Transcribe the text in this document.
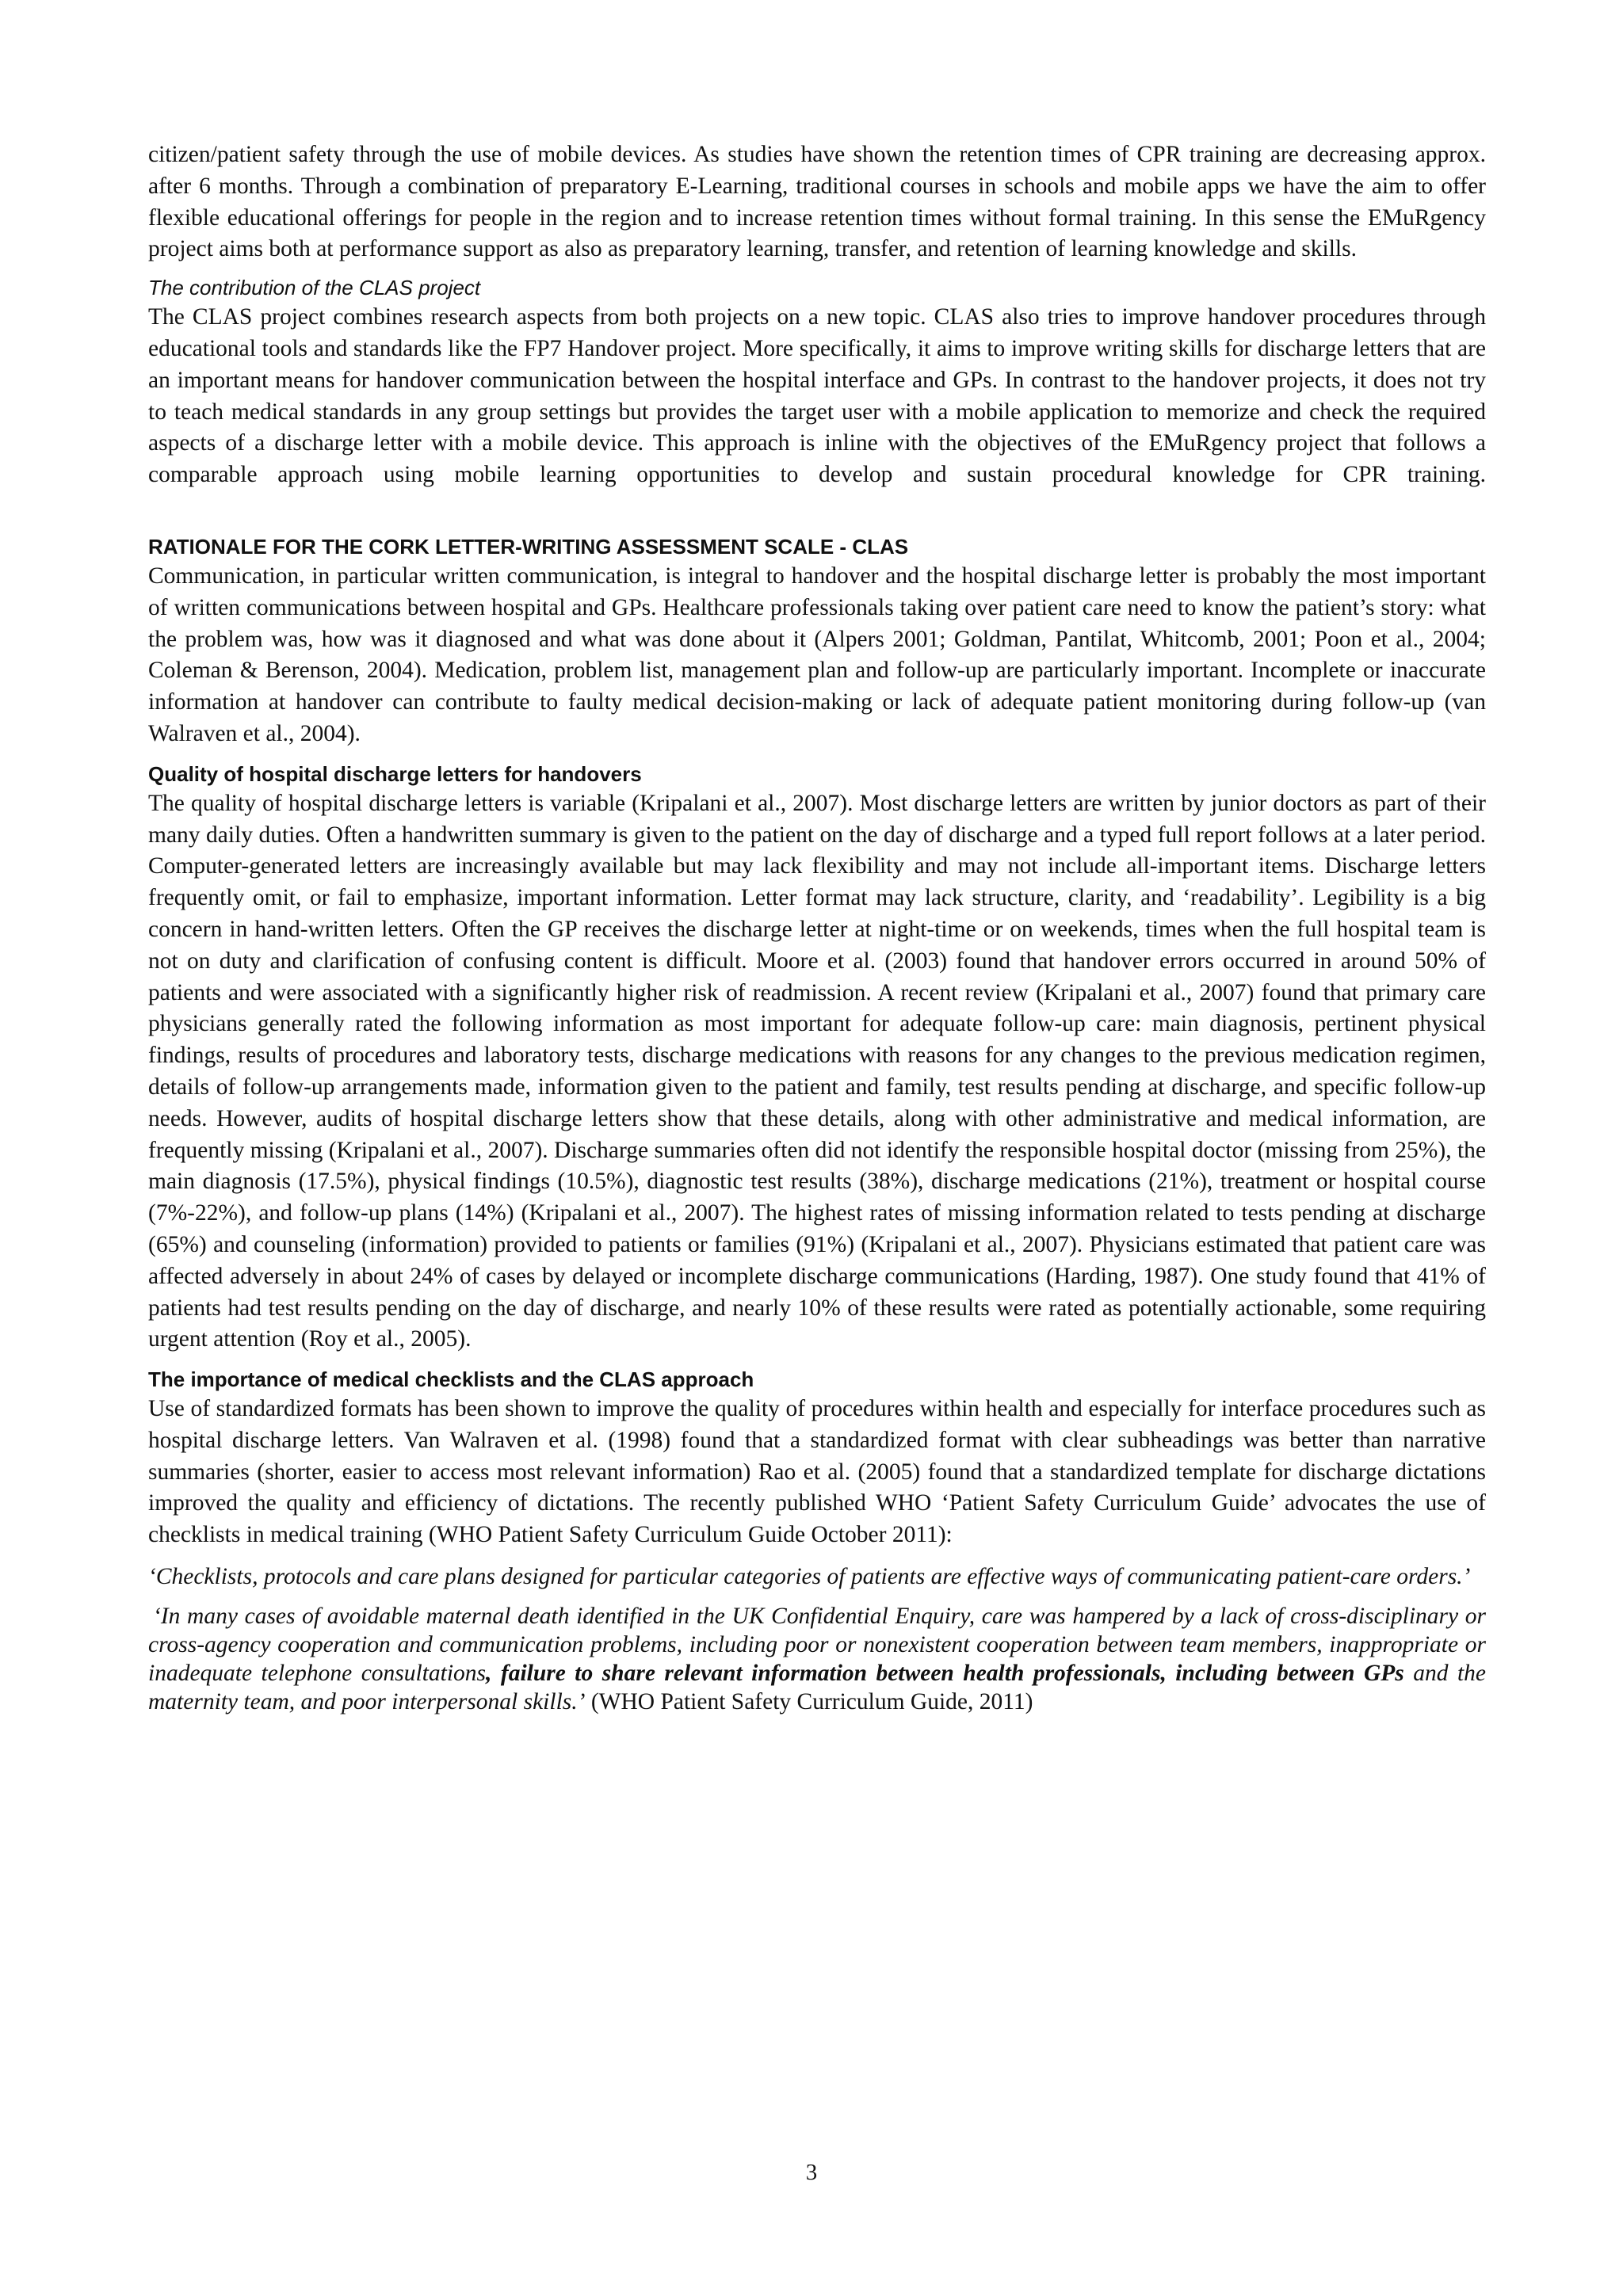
citizen/patient safety through the use of mobile devices. As studies have shown the retention times of CPR training are decreasing approx. after 6 months. Through a combination of preparatory E-Learning, traditional courses in schools and mobile apps we have the aim to offer flexible educational offerings for people in the region and to increase retention times without formal training. In this sense the EMuRgency project aims both at performance support as also as preparatory learning, transfer, and retention of learning knowledge and skills.

The contribution of the CLAS project

The CLAS project combines research aspects from both projects on a new topic. CLAS also tries to improve handover procedures through educational tools and standards like the FP7 Handover project. More specifically, it aims to improve writing skills for discharge letters that are an important means for handover communication between the hospital interface and GPs. In contrast to the handover projects, it does not try to teach medical standards in any group settings but provides the target user with a mobile application to memorize and check the required aspects of a discharge letter with a mobile device. This approach is inline with the objectives of the EMuRgency project that follows a comparable approach using mobile learning opportunities to develop and sustain procedural knowledge for CPR training.

RATIONALE FOR THE CORK LETTER-WRITING ASSESSMENT SCALE - CLAS

Communication, in particular written communication, is integral to handover and the hospital discharge letter is probably the most important of written communications between hospital and GPs. Healthcare professionals taking over patient care need to know the patient’s story: what the problem was, how was it diagnosed and what was done about it (Alpers 2001; Goldman, Pantilat, Whitcomb, 2001; Poon et al., 2004; Coleman & Berenson, 2004). Medication, problem list, management plan and follow-up are particularly important. Incomplete or inaccurate information at handover can contribute to faulty medical decision-making or lack of adequate patient monitoring during follow-up (van Walraven et al., 2004).

Quality of hospital discharge letters for handovers

The quality of hospital discharge letters is variable (Kripalani et al., 2007). Most discharge letters are written by junior doctors as part of their many daily duties. Often a handwritten summary is given to the patient on the day of discharge and a typed full report follows at a later period. Computer-generated letters are increasingly available but may lack flexibility and may not include all-important items. Discharge letters frequently omit, or fail to emphasize, important information. Letter format may lack structure, clarity, and ‘readability’. Legibility is a big concern in hand-written letters. Often the GP receives the discharge letter at night-time or on weekends, times when the full hospital team is not on duty and clarification of confusing content is difficult. Moore et al. (2003) found that handover errors occurred in around 50% of patients and were associated with a significantly higher risk of readmission. A recent review (Kripalani et al., 2007) found that primary care physicians generally rated the following information as most important for adequate follow-up care: main diagnosis, pertinent physical findings, results of procedures and laboratory tests, discharge medications with reasons for any changes to the previous medication regimen, details of follow-up arrangements made, information given to the patient and family, test results pending at discharge, and specific follow-up needs. However, audits of hospital discharge letters show that these details, along with other administrative and medical information, are frequently missing (Kripalani et al., 2007). Discharge summaries often did not identify the responsible hospital doctor (missing from 25%), the main diagnosis (17.5%), physical findings (10.5%), diagnostic test results (38%), discharge medications (21%), treatment or hospital course (7%-22%), and follow-up plans (14%) (Kripalani et al., 2007). The highest rates of missing information related to tests pending at discharge (65%) and counseling (information) provided to patients or families (91%) (Kripalani et al., 2007). Physicians estimated that patient care was affected adversely in about 24% of cases by delayed or incomplete discharge communications (Harding, 1987). One study found that 41% of patients had test results pending on the day of discharge, and nearly 10% of these results were rated as potentially actionable, some requiring urgent attention (Roy et al., 2005).

The importance of medical checklists and the CLAS approach

Use of standardized formats has been shown to improve the quality of procedures within health and especially for interface procedures such as hospital discharge letters. Van Walraven et al. (1998) found that a standardized format with clear subheadings was better than narrative summaries (shorter, easier to access most relevant information) Rao et al. (2005) found that a standardized template for discharge dictations improved the quality and efficiency of dictations. The recently published WHO ‘Patient Safety Curriculum Guide’ advocates the use of checklists in medical training (WHO Patient Safety Curriculum Guide October 2011):

‘Checklists, protocols and care plans designed for particular categories of patients are effective ways of communicating patient-care orders.’

‘In many cases of avoidable maternal death identified in the UK Confidential Enquiry, care was hampered by a lack of cross-disciplinary or cross-agency cooperation and communication problems, including poor or nonexistent cooperation between team members, inappropriate or inadequate telephone consultations, failure to share relevant information between health professionals, including between GPs and the maternity team, and poor interpersonal skills.’ (WHO Patient Safety Curriculum Guide, 2011)

3
